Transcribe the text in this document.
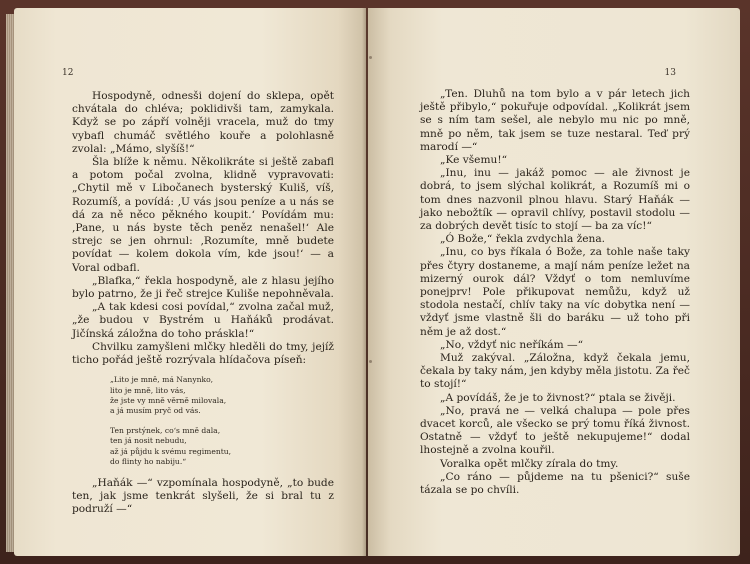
12

Hospodyně, odnesši dojení do sklepa, opět chvátala do chléva; poklidivši tam, zamykala. Když se po zápří volněji vracela, muž do tmy vybafl chumáč světlého kouře a polohlasně zvolal: „Mámo, slyšíš!“

Šla blíže k němu. Několikráte si ještě zabafl a potom počal zvolna, klidně vypravovati: „Chytil mě v Libočanech bysterský Kuliš, víš, Rozumíš, a povídá: ‚U vás jsou peníze a u nás se dá za ně něco pěkného koupit.‘ Povídám mu: ‚Pane, u nás byste těch peněz nenašel!‘ Ale strejc se jen ohrnul: ‚Rozumíte, mně budete povídat — kolem dokola vím, kde jsou!‘ — a Voral odbafl.

„Blafka,“ řekla hospodyně, ale z hlasu jejího bylo patrno, že ji řeč strejce Kuliše nepohněvala.

„A tak kdesi cosi povídal,“ zvolna začal muž, „že budou v Bystrém u Haňáků prodávat. Jičínská záložna do toho práskla!“

Chvilku zamyšleni mlčky hleděli do tmy, jejíž ticho pořád ještě rozrývala hlídačova píseň:

„Lito je mně, má Nanynko,
lito je mně, lito vás,
že jste vy mně věrně milovala,
a já musím pryč od vás.
Ten prstýnek, co‘s mně dala,
ten já nosit nebudu,
až já půjdu k svému regimentu,
do flinty ho nabiju.“

„Haňák —“ vzpomínala hospodyně, „to bude ten, jak jsme tenkrát slyšeli, že si bral tu z podruží —“

13

„Ten. Dluhů na tom bylo a v pár letech jich ještě přibylo,“ pokuřuje odpovídal. „Kolikrát jsem se s ním tam sešel, ale nebylo mu nic po mně, mně po něm, tak jsem se tuze nestaral. Teď prý marodí —“

„Ke všemu!“

„Inu, inu — jakáž pomoc — ale živnost je dobrá, to jsem slýchal kolikrát, a Rozumíš mi o tom dnes nazvonil plnou hlavu. Starý Haňák — jako nebožtík — opravil chlívy, postavil stodolu — za dobrých devět tisíc to stojí — ba za víc!“

„Ó Bože,“ řekla zvdychla žena.

„Inu, co bys říkala ó Bože, za tohle naše taky přes čtyry dostaneme, a mají nám peníze ležet na mizerný ourok dál? Vždyť o tom nemluvíme ponejprv! Pole přikupovat nemůžu, když už stodola nestačí, chlív taky na víc dobytka není — vždyť jsme vlastně šli do baráku — už toho při něm je až dost.“

„No, vždyť nic neříkám —“

Muž zakýval. „Záložna, když čekala jemu, čekala by taky nám, jen kdyby měla jistotu. Za řeč to stojí!“

„A povídáš, že je to živnost?“ ptala se živěji.

„No, pravá ne — velká chalupa — pole přes dvacet korců, ale všecko se prý tomu říká živnost. Ostatně — vždyť to ještě nekupujeme!“ dodal lhostejně a zvolna kouřil.

Voralka opět mlčky zírala do tmy.

„Co ráno — půjdeme na tu pšenici?“ suše tázala se po chvíli.
